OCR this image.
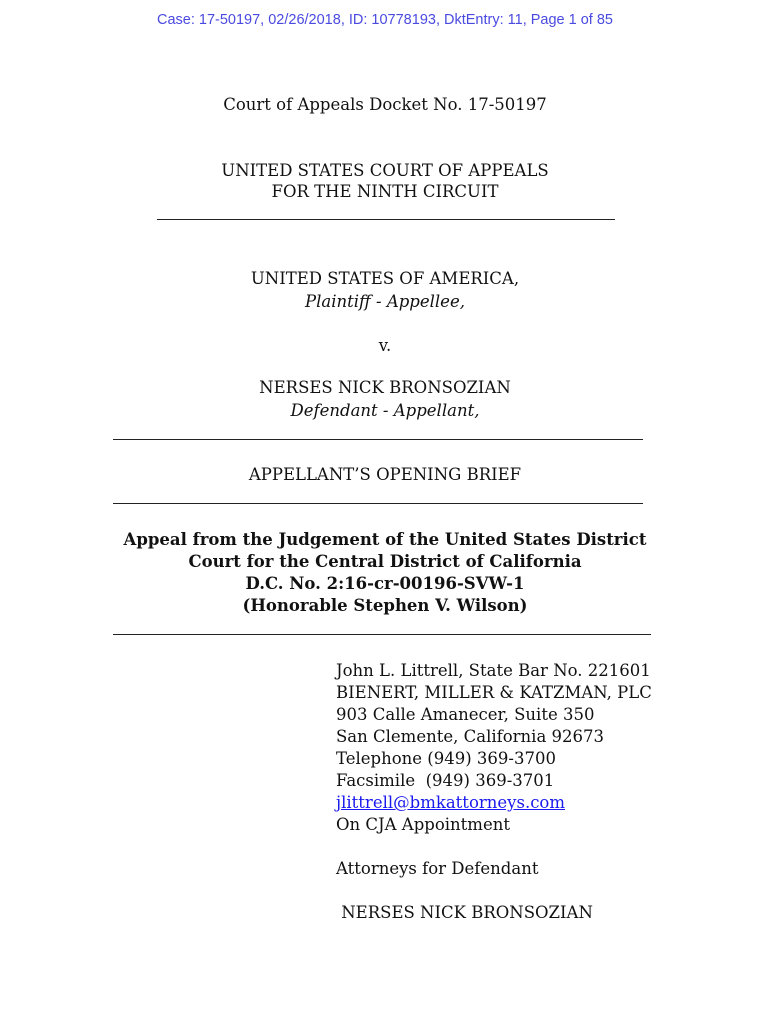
Case: 17-50197, 02/26/2018, ID: 10778193, DktEntry: 11, Page 1 of 85
Court of Appeals Docket No. 17-50197
UNITED STATES COURT OF APPEALS
FOR THE NINTH CIRCUIT
UNITED STATES OF AMERICA,
Plaintiff - Appellee,
v.
NERSES NICK BRONSOZIAN
Defendant - Appellant,
APPELLANT’S OPENING BRIEF
Appeal from the Judgement of the United States District
Court for the Central District of California
D.C. No. 2:16-cr-00196-SVW-1
(Honorable Stephen V. Wilson)
John L. Littrell, State Bar No. 221601
BIENERT, MILLER & KATZMAN, PLC
903 Calle Amanecer, Suite 350
San Clemente, California 92673
Telephone (949) 369-3700
Facsimile  (949) 369-3701
jlittrell@bmkattorneys.com
On CJA Appointment
Attorneys for Defendant
NERSES NICK BRONSOZIAN
